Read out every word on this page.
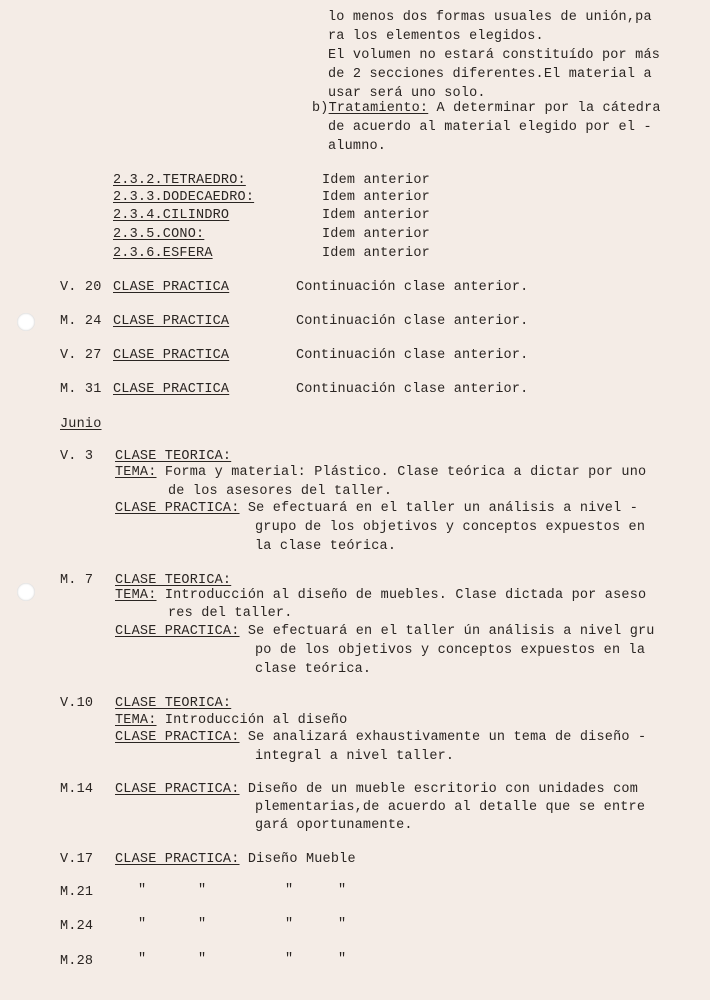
lo menos dos formas usuales de unión,pa
ra los elementos elegidos.
El volumen no estará constituído por más
de 2 secciones diferentes.El material a
usar será uno solo.
b)Tratamiento: A determinar por la cátedra
de acuerdo al material elegido por el -
alumno.
2.3.2.TETRAEDRO:	Idem anterior
2.3.3.DODECAEDRO:	Idem anterior
2.3.4.CILINDRO	Idem anterior
2.3.5.CONO:	Idem anterior
2.3.6.ESFERA	Idem anterior
V. 20 CLASE PRACTICA	Continuación clase anterior.
M. 24 CLASE PRACTICA	Continuación clase anterior.
V. 27 CLASE PRACTICA	Continuación clase anterior.
M. 31 CLASE PRACTICA	Continuación clase anterior.
Junio
V. 3 CLASE TEORICA:
TEMA: Forma y material: Plástico. Clase teórica a dictar por uno
de los asesores del taller.
CLASE PRACTICA: Se efectuará en el taller un análisis a nivel -
grupo de los objetivos y conceptos expuestos en
la clase teórica.
M. 7 CLASE TEORICA:
TEMA: Introducción al diseño de muebles. Clase dictada por aseso
res del taller.
CLASE PRACTICA: Se efectuará en el taller ún análisis a nivel gru
po de los objetivos y conceptos expuestos en la
clase teórica.
V.10 CLASE TEORICA:
TEMA: Introducción al diseño
CLASE PRACTICA: Se analizará exhaustivamente un tema de diseño -
integral a nivel taller.
M.14 CLASE PRACTICA: Diseño de un mueble escritorio con unidades com
plementarias,de acuerdo al detalle que se entre
gará oportunamente.
V.17 CLASE PRACTICA: Diseño Mueble
M.21	"	"	"	"
M.24	"	"	"	"
M.28	"	"	"	"
